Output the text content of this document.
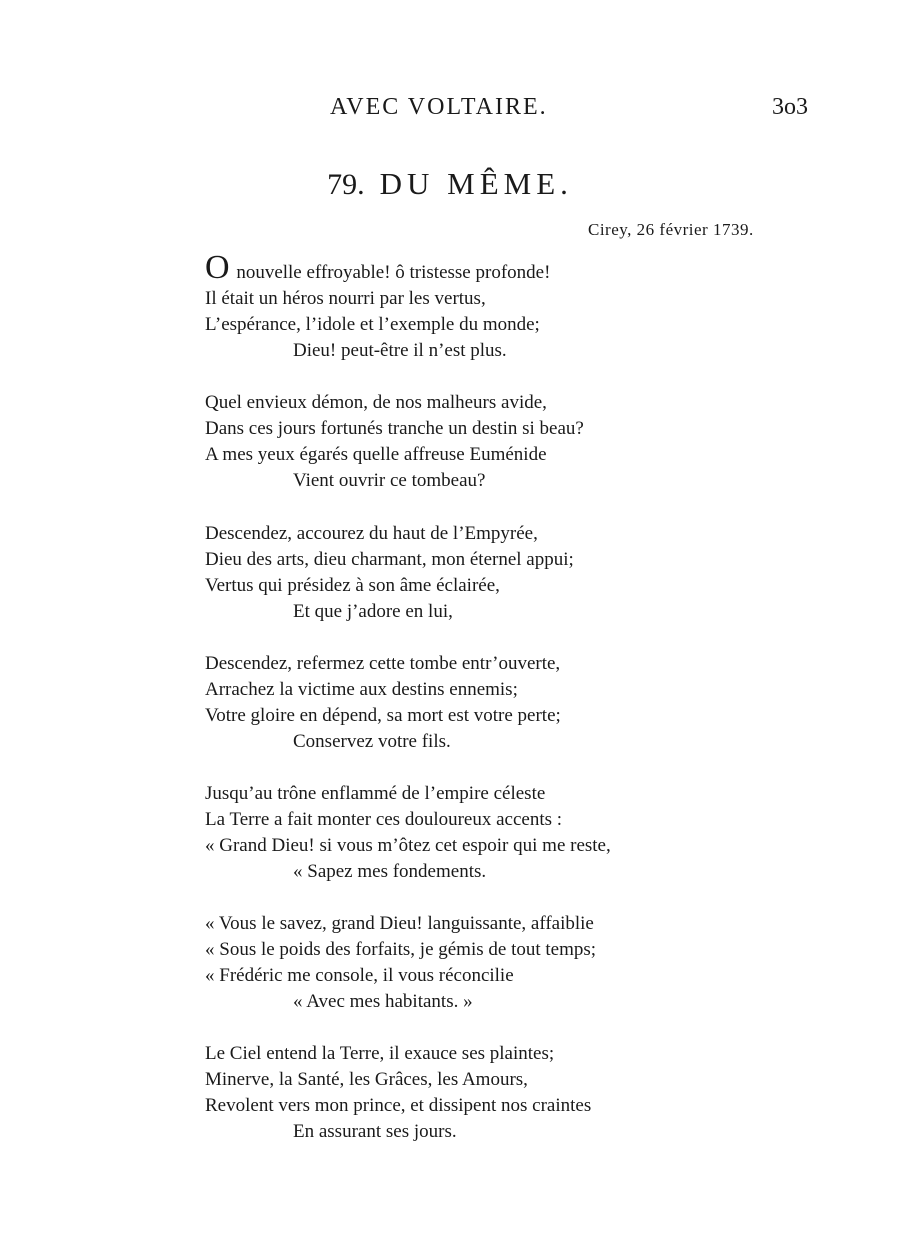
AVEC VOLTAIRE.	3o3
79. DU MÊME.
Cirey, 26 février 1739.
O nouvelle effroyable! ô tristesse profonde!
Il était un héros nourri par les vertus,
L’espérance, l’idole et l’exemple du monde;
Dieu! peut-être il n’est plus.
Quel envieux démon, de nos malheurs avide,
Dans ces jours fortunés tranche un destin si beau?
A mes yeux égarés quelle affreuse Euménide
Vient ouvrir ce tombeau?
Descendez, accourez du haut de l’Empyrée,
Dieu des arts, dieu charmant, mon éternel appui;
Vertus qui présidez à son âme éclairée,
Et que j’adore en lui,
Descendez, refermez cette tombe entr’ouverte,
Arrachez la victime aux destins ennemis;
Votre gloire en dépend, sa mort est votre perte;
Conservez votre fils.
Jusqu’au trône enflammé de l’empire céleste
La Terre a fait monter ces douloureux accents :
« Grand Dieu! si vous m’ôtez cet espoir qui me reste,
« Sapez mes fondements.
« Vous le savez, grand Dieu! languissante, affaiblie
« Sous le poids des forfaits, je gémis de tout temps;
« Frédéric me console, il vous réconcilie
« Avec mes habitants. »
Le Ciel entend la Terre, il exauce ses plaintes;
Minerve, la Santé, les Grâces, les Amours,
Revolent vers mon prince, et dissipent nos craintes
En assurant ses jours.
